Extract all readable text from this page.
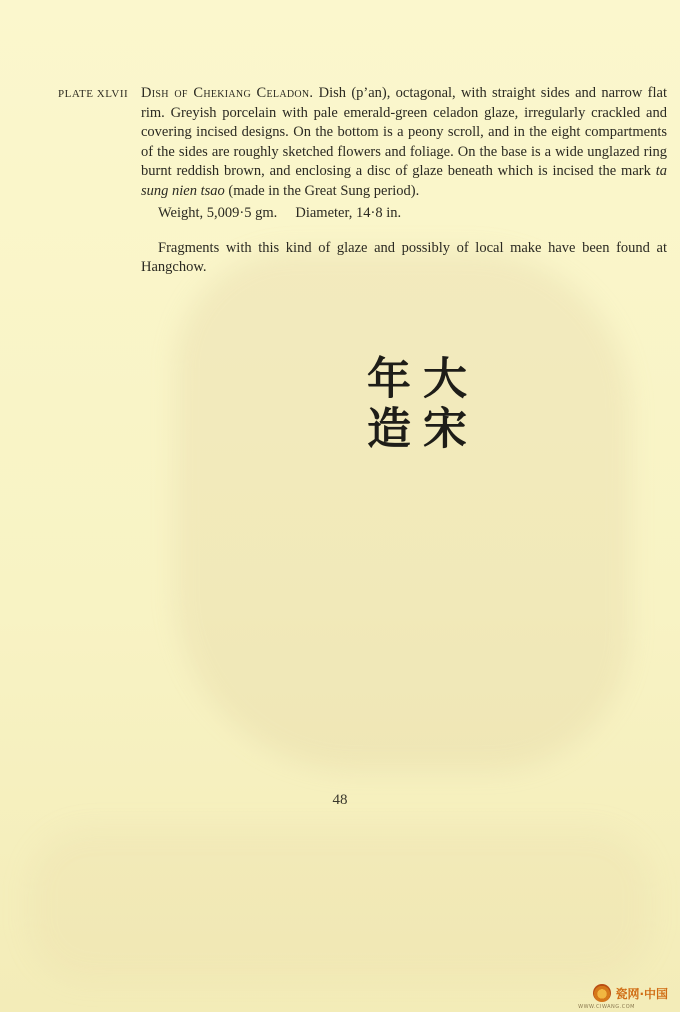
PLATE XLVII Dish of Chekiang Celadon. Dish (p’an), octagonal, with straight sides and narrow flat rim. Greyish porcelain with pale emerald-green celadon glaze, irregularly crackled and covering incised designs. On the bottom is a peony scroll, and in the eight compartments of the sides are roughly sketched flowers and foliage. On the base is a wide unglazed ring burnt reddish brown, and enclosing a disc of glaze beneath which is incised the mark ta sung nien tsao (made in the Great Sung period).

Weight, 5,009·5 gm.  Diameter, 14·8 in.

Fragments with this kind of glaze and possibly of local make have been found at Hangchow.

大宋年造
48
瓷网·中国
WWW.CIWANG.COM
